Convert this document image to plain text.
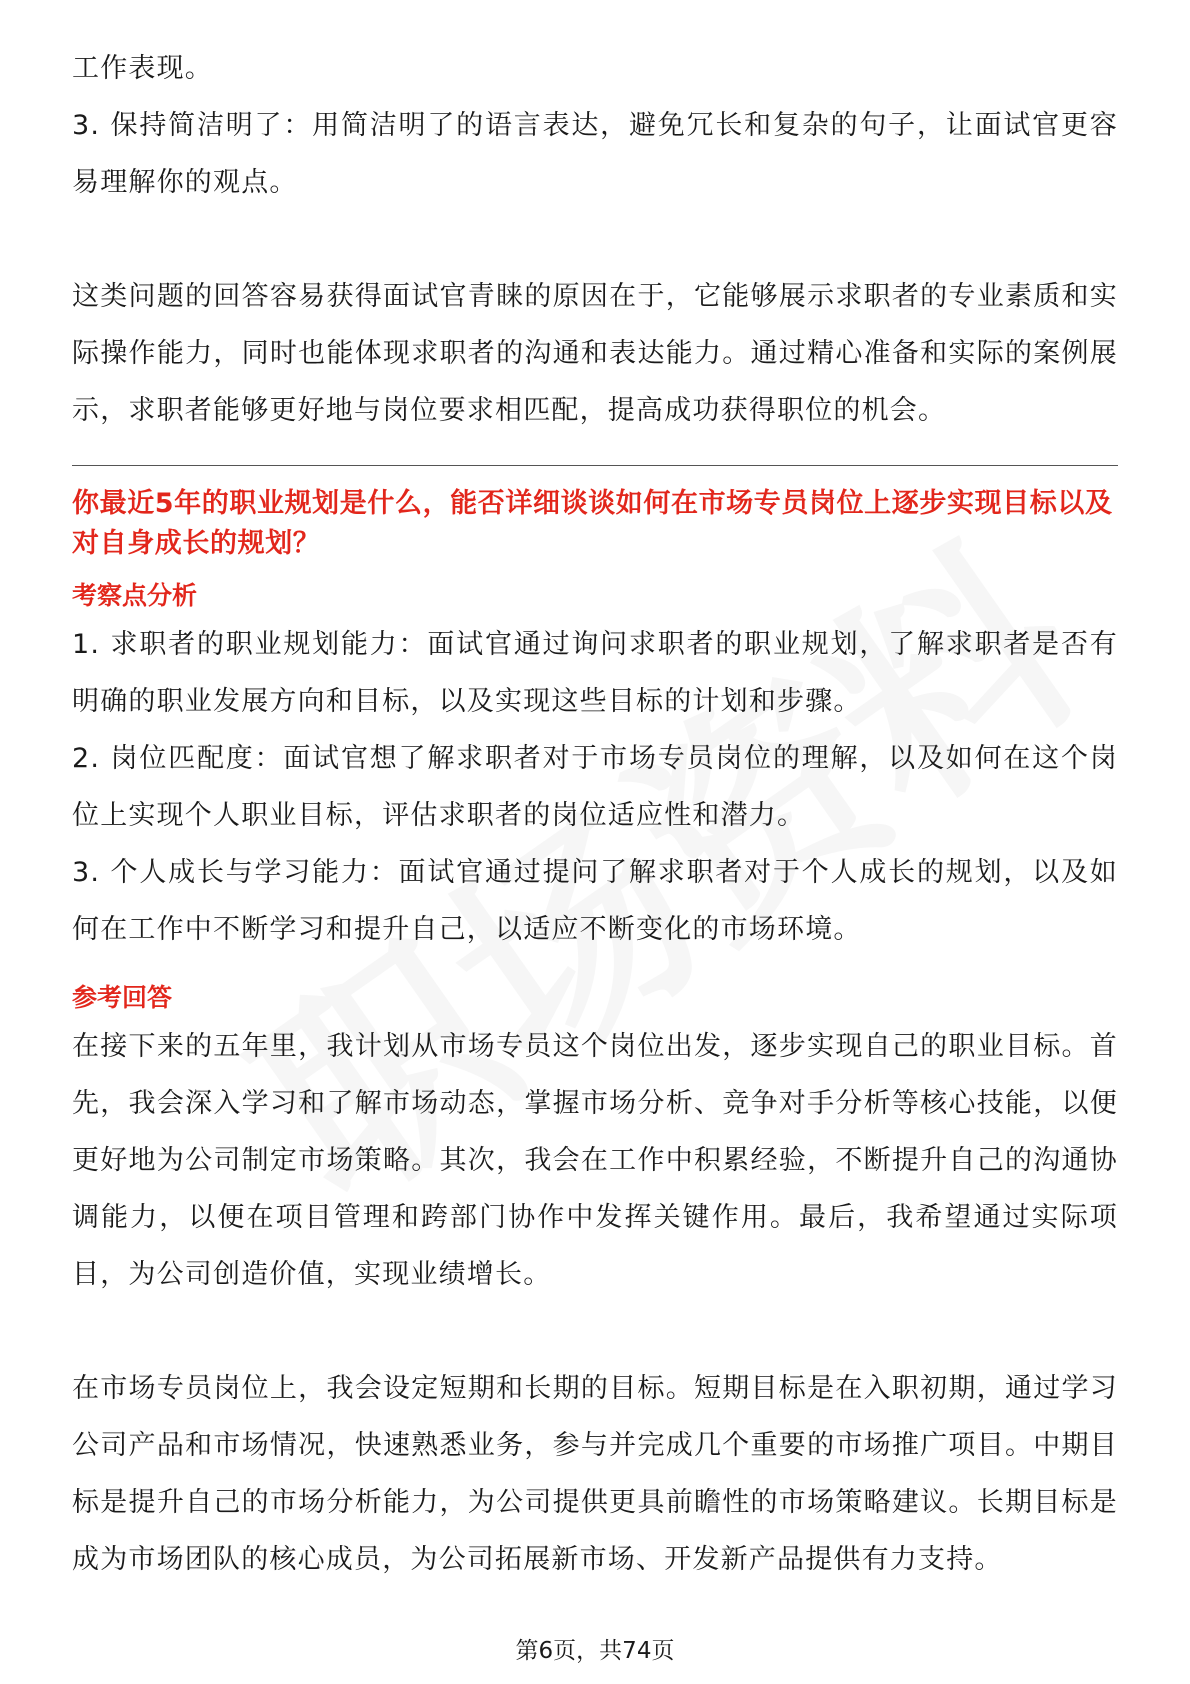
工作表现。

3. 保持简洁明了：用简洁明了的语言表达，避免冗长和复杂的句子，让面试官更容易理解你的观点。

这类问题的回答容易获得面试官青睐的原因在于，它能够展示求职者的专业素质和实际操作能力，同时也能体现求职者的沟通和表达能力。通过精心准备和实际的案例展示，求职者能够更好地与岗位要求相匹配，提高成功获得职位的机会。

你最近5年的职业规划是什么，能否详细谈谈如何在市场专员岗位上逐步实现目标以及对自身成长的规划？
考察点分析

1. 求职者的职业规划能力：面试官通过询问求职者的职业规划，了解求职者是否有明确的职业发展方向和目标，以及实现这些目标的计划和步骤。

2. 岗位匹配度：面试官想了解求职者对于市场专员岗位的理解，以及如何在这个岗位上实现个人职业目标，评估求职者的岗位适应性和潜力。

3. 个人成长与学习能力：面试官通过提问了解求职者对于个人成长的规划，以及如何在工作中不断学习和提升自己，以适应不断变化的市场环境。

参考回答

在接下来的五年里，我计划从市场专员这个岗位出发，逐步实现自己的职业目标。首先，我会深入学习和了解市场动态，掌握市场分析、竞争对手分析等核心技能，以便更好地为公司制定市场策略。其次，我会在工作中积累经验，不断提升自己的沟通协调能力，以便在项目管理和跨部门协作中发挥关键作用。最后，我希望通过实际项目，为公司创造价值，实现业绩增长。

在市场专员岗位上，我会设定短期和长期的目标。短期目标是在入职初期，通过学习公司产品和市场情况，快速熟悉业务，参与并完成几个重要的市场推广项目。中期目标是提升自己的市场分析能力，为公司提供更具前瞻性的市场策略建议。长期目标是成为市场团队的核心成员，为公司拓展新市场、开发新产品提供有力支持。

第6页，共74页
